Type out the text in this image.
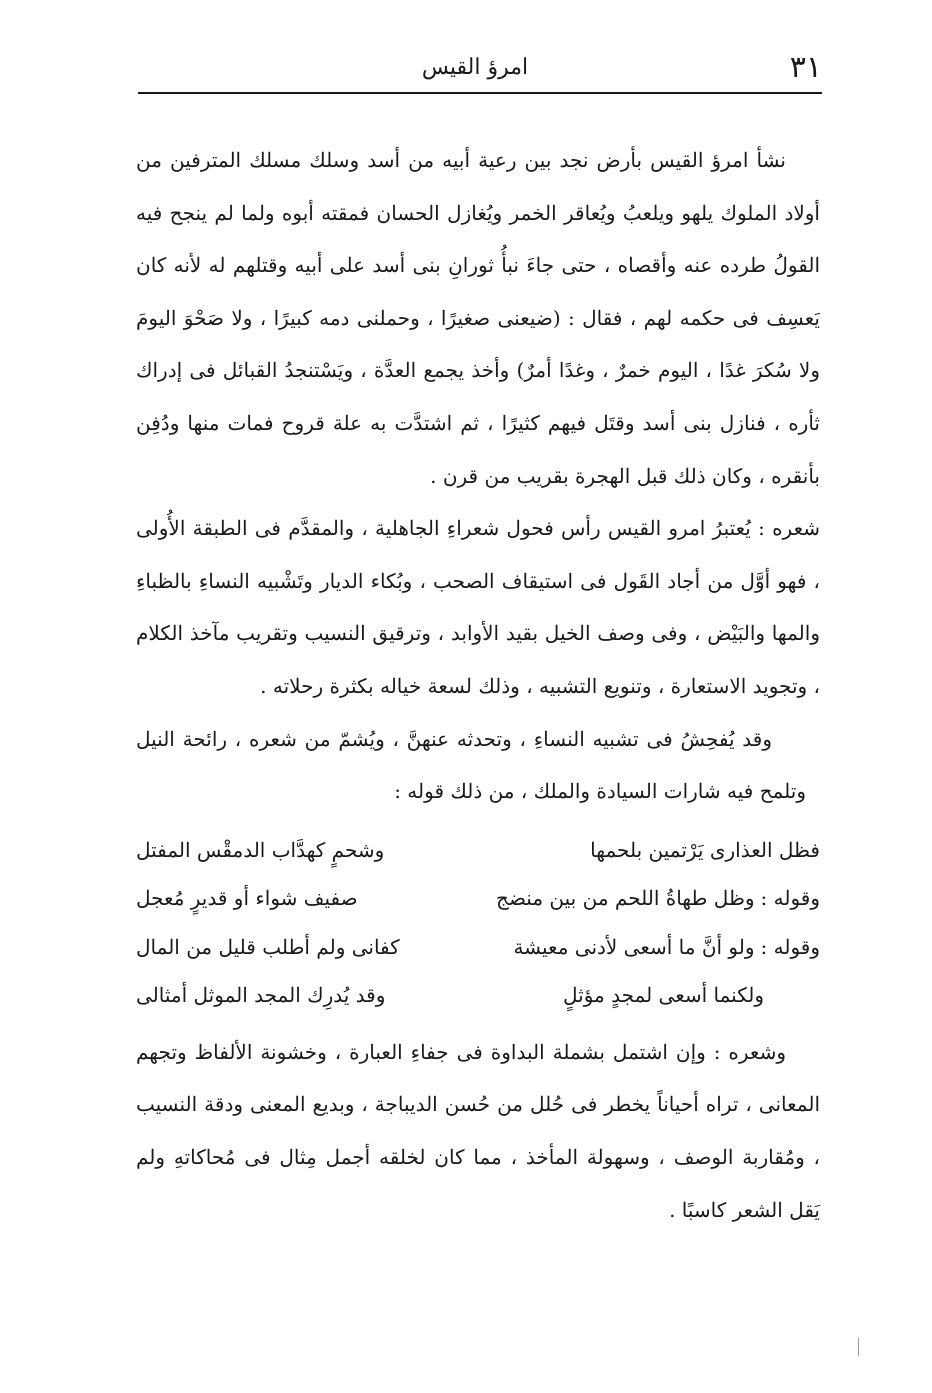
٣١
امرؤ القيس

نشأ امرؤ القيس بأرض نجد بين رعية أبيه من أسد وسلك مسلك المترفين من أولاد الملوك يلهو ويلعبُ ويُعاقر الخمر ويُغازل الحسان فمقته أبوه ولما لم ينجح فيه القولُ طرده عنه وأقصاه ، حتى جاءَ نبأُ ثورانِ بنى أسد على أبيه وقتلهم له لأنه كان يَعسِف فى حكمه لهم ، فقال : (ضيعنى صغيرًا ، وحملنى دمه كبيرًا ، ولا صَحْوَ اليومَ ولا سُكرَ غدًا ، اليوم خمرٌ ، وغدًا أمرٌ) وأخذ يجمع العدَّة ، ويَسْتنجدُ القبائل فى إدراك ثأره ، فنازل بنى أسد وقتَل فيهم كثيرًا ، ثم اشتدَّت به علة قروح فمات منها ودُفِن بأنقره ، وكان ذلك قبل الهجرة بقريب من قرن .

شعره : يُعتبرُ امرو القيس رأس فحول شعراءِ الجاهلية ، والمقدَّم فى الطبقة الأُولى ، فهو أوَّل من أجاد القَول فى استيقاف الصحب ، وبُكاء الديار وتَشْبيه النساءِ بالظباءِ والمها والبَيْض ، وفى وصف الخيل بقيد الأوابد ، وترقيق النسيب وتقريب مآخذ الكلام ، وتجويد الاستعارة ، وتنويع التشبيه ، وذلك لسعة خياله بكثرة رحلاته .

وقد يُفحِشُ فى تشبيه النساءِ ، وتحدثه عنهنَّ ، ويُشمّ من شعره ، رائحة النيل وتلمح فيه شارات السيادة والملك ، من ذلك قوله :

فظل العذارى يَرْتمين بلحمها
وشحمٍ كهدَّاب الدمقْس المفتل
وقوله :وظل طهاةُ اللحم من بين منضج
صفيف شواء أو قديرٍ مُعجل
وقوله :ولو أنَّ ما أسعى لأدنى معيشة
كفانى ولم أطلب قليل من المال
ولكنما أسعى لمجدٍ مؤثلٍ
وقد يُدرِك المجد الموثل أمثالى

وشعره : وإن اشتمل بشملة البداوة فى جفاءِ العبارة ، وخشونة الألفاظ وتجهم المعانى ، تراه أحياناً يخطر فى حُلل من حُسن الديباجة ، وبديع المعنى ودقة النسيب ، ومُقاربة الوصف ، وسهولة المأخذ ، مما كان لخلقه أجمل مِثال فى مُحاكاتهِ ولم يَقل الشعر كاسبًا .
